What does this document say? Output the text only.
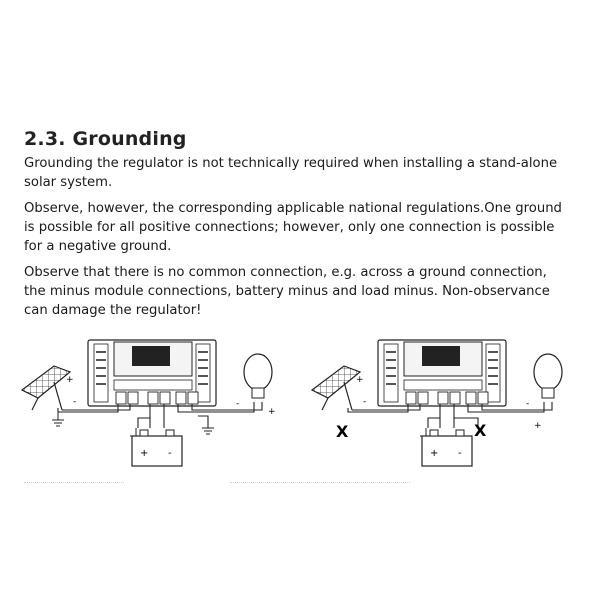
2.3. Grounding

Grounding the regulator is not technically required when installing a stand-alone solar system.

Observe, however, the corresponding applicable national regulations.One ground is possible for all positive connections; however, only one connection is possible for a negative ground.

Observe that there is no common connection, e.g. across a ground connection, the minus module connections, battery minus and load minus. Non-observance can damage the regulator!

+
-
+ -
-
+
+
-
X
+ -
-
+
X
